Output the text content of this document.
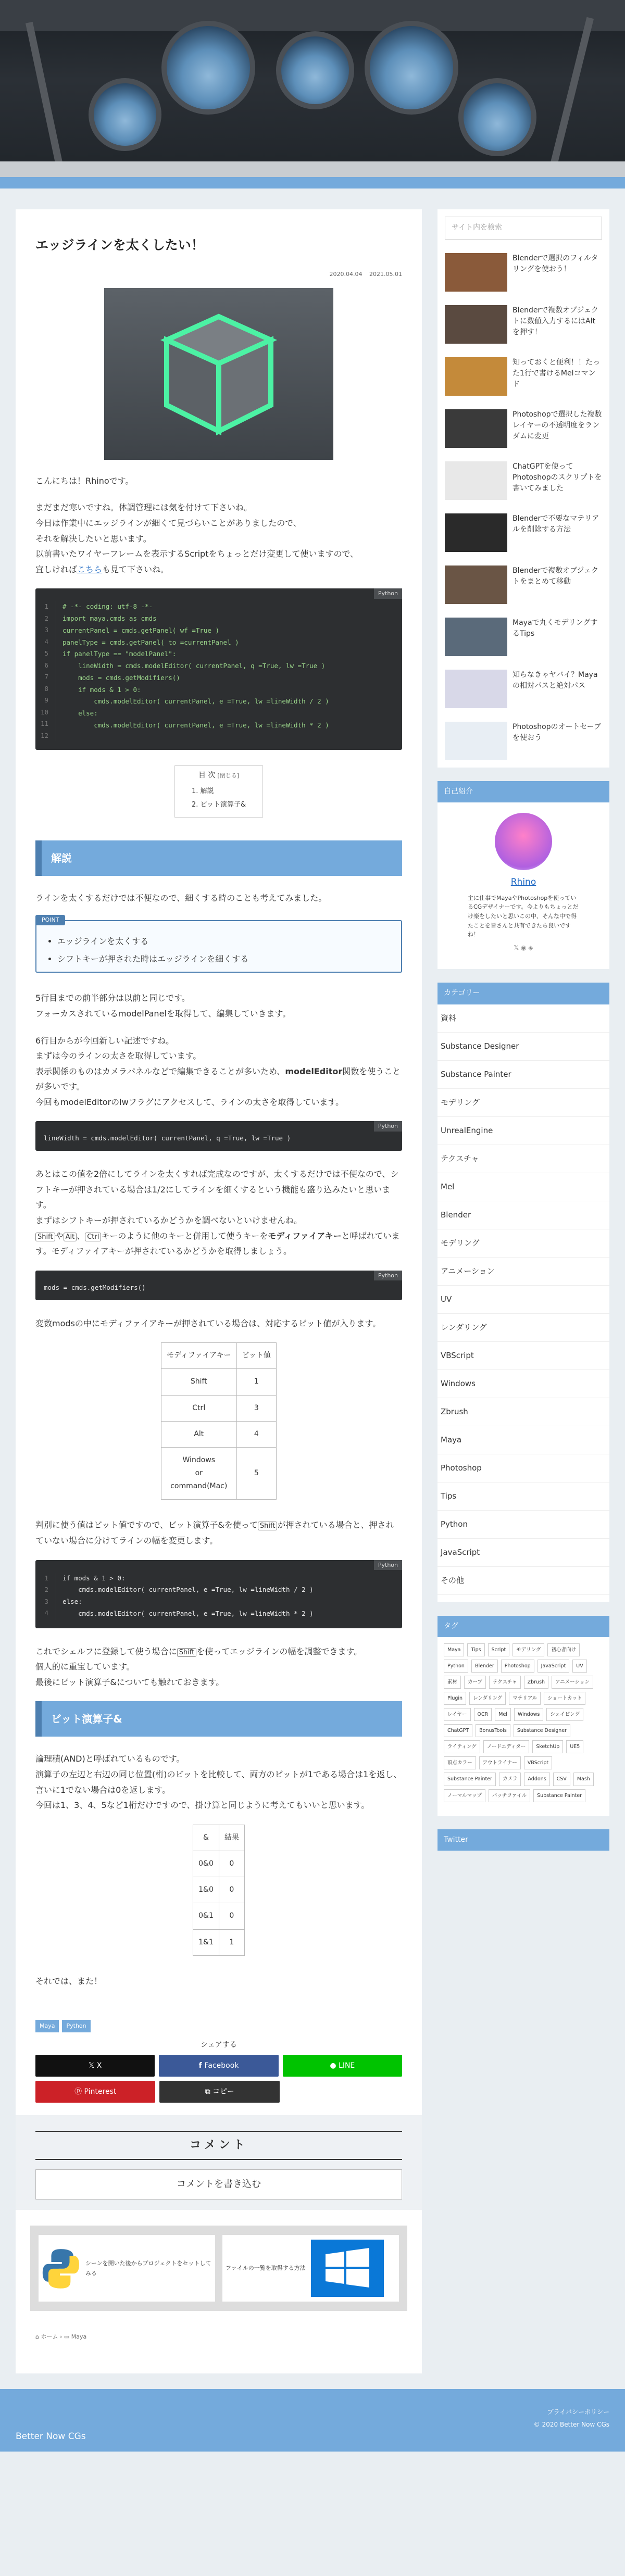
エッジラインを太くしたい！
2020.04.04 2021.05.01
こんにちは！Rhinoです。
まだまだ寒いですね。体調管理には気を付けて下さいね。
今日は作業中にエッジラインが細くて見づらいことがありましたので、
それを解決したいと思います。
以前書いたワイヤーフレームを表示するScriptをちょっとだけ変更して使いますので、
宜しければこちらも見て下さいね。
Python
1
2
3
4
5
6
7
8
9
10
11
12
# -*- coding: utf-8 -*-
import maya.cmds as cmds
currentPanel = cmds.getPanel( wf =True )
panelType = cmds.getPanel( to =currentPanel )
if panelType == "modelPanel":
lineWidth = cmds.modelEditor( currentPanel, q =True, lw =True )
mods = cmds.getModifiers()
if mods & 1 > 0:
cmds.modelEditor( currentPanel, e =True, lw =lineWidth / 2 )
else:
cmds.modelEditor( currentPanel, e =True, lw =lineWidth * 2 )
目 次 [閉じる]
1. 解説
2. ビット演算子&
解説
ラインを太くするだけでは不便なので、細くする時のことも考えてみました。
POINT
• エッジラインを太くする
• シフトキーが押された時はエッジラインを細くする
5行目までの前半部分は以前と同じです。
フォーカスされているmodelPanelを取得して、編集していきます。
6行目からが今回新しい記述ですね。
まずは今のラインの太さを取得しています。
表示関係のものはカメラパネルなどで編集できることが多いため、modelEditor関数を使うことが多いです。
今回もmodelEditorのlwフラグにアクセスして、ラインの太さを取得しています。
Python
lineWidth = cmds.modelEditor( currentPanel, q =True, lw =True )
あとはこの値を2倍にしてラインを太くすれば完成なのですが、太くするだけでは不便なので、シフトキーが押されている場合は1/2にしてラインを細くするという機能も盛り込みたいと思います。
まずはシフトキーが押されているかどうかを調べないといけませんね。
Shift や Alt 、 Ctrl キーのように他のキーと併用して使うキーをモディファイアキーと呼ばれています。モディファイアキーが押されているかどうかを取得しましょう。
Python
mods = cmds.getModifiers()
変数modsの中にモディファイアキーが押されている場合は、対応するビット値が入ります。
モディファイアキー	ビット値
Shift	1
Ctrl	3
Alt	4
Windows
or
command(Mac)	5
判別に使う値はビット値ですので、ビット演算子&を使って Shift が押されている場合と、押されていない場合に分けてラインの幅を変更します。
Python
1
2
3
4
if mods & 1 > 0:
cmds.modelEditor( currentPanel, e =True, lw =lineWidth / 2 )
else:
cmds.modelEditor( currentPanel, e =True, lw =lineWidth * 2 )
これでシェルフに登録して使う場合に Shift を使ってエッジラインの幅を調整できます。
個人的に重宝しています。
最後にビット演算子&についても触れておきます。
ビット演算子&
論理積(AND)と呼ばれているものです。
演算子の左辺と右辺の同じ位置(桁)のビットを比較して、両方のビットが1である場合は1を返し、言いに1でない場合は0を返します。
今回は1、3、4、5など1桁だけですので、掛け算と同じように考えてもいいと思います。
&	結果
0&0	0
1&0	0
0&1	0
1&1	1
それでは、また！
Maya	Python
シェアする
𝕏 X	f Facebook	● LINE
ⓟ Pinterest	⧉ コピー
コメント
コメントを書き込む
シーンを開いた後からプロジェクトをセットしてみる
ファイルの一覧を取得する方法
⌂ ホーム › ▭ Maya
サイト内を検索
Blenderで選択のフィルタリングを使おう！
Blenderで複数オブジェクトに数値入力するにはAltを押す！
知っておくと便利！！たった1行で書けるMelコマンド
Photoshopで選択した複数レイヤーの不透明度をランダムに変更
ChatGPTを使ってPhotoshopのスクリプトを書いてみました
Blenderで不要なマテリアルを削除する方法
Blenderで複数オブジェクトをまとめて移動
Mayaで丸くモデリングするTips
知らなきゃヤバイ？Mayaの相対パスと絶対パス
Photoshopのオートセーブを使おう
自己紹介
Rhino
主に仕事でMayaやPhotoshopを使っているCGデザイナーです。今よりもちょっとだけ楽をしたいと思いこの中、そんな中で得たことを皆さんと共有できたら良いですね！
𝕏 ◉ ◈
カテゴリー
資料
Substance Designer
Substance Painter
モデリング
UnrealEngine
テクスチャ
Mel
Blender
モデリング
アニメーション
UV
レンダリング
VBScript
Windows
Zbrush
Maya
Photoshop
Tips
Python
JavaScript
その他
タグ
Maya	Tips	Script	モデリング	初心者向け
Python	Blender	Photoshop	JavaScript	UV
素材	カーブ	テクスチャ	Zbrush	アニメーション
Plugin	レンダリング	マテリアル	ショートカット
レイヤー	OCR	Mel	Windows	シェイピング
ChatGPT	BonusTools	Substance Designer
ライティング	ノードエディター	SketchUp	UE5
頂点カラー	アウトライナー	VBScript
Substance Painter	カメラ	Addons	CSV	Mash
ノーマルマップ	バッチファイル	Substance Painter
Twitter
プライバシーポリシー
© 2020 Better Now CGs
Better Now CGs
